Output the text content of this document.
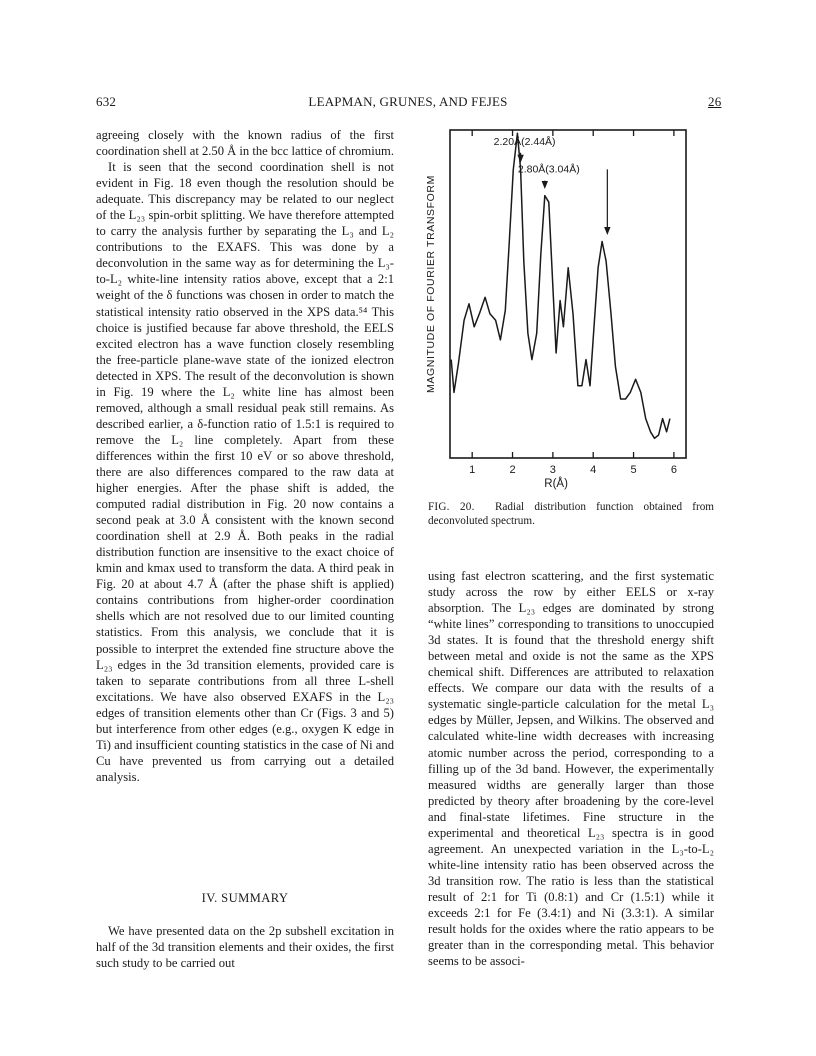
632	LEAPMAN, GRUNES, AND FEJES	26

agreeing closely with the known radius of the first coordination shell at 2.50 Å in the bcc lattice of chromium.

It is seen that the second coordination shell is not evident in Fig. 18 even though the resolution should be adequate. This discrepancy may be related to our neglect of the L₂₃ spin-orbit splitting. We have therefore attempted to carry the analysis further by separating the L₃ and L₂ contributions to the EXAFS. This was done by a deconvolution in the same way as for determining the L₃-to-L₂ white-line intensity ratios above, except that a 2:1 weight of the δ functions was chosen in order to match the statistical intensity ratio observed in the XPS data.⁵⁴ This choice is justified because far above threshold, the EELS excited electron has a wave function closely resembling the free-particle plane-wave state of the ionized electron detected in XPS. The result of the deconvolution is shown in Fig. 19 where the L₂ white line has almost been removed, although a small residual peak still remains. As described earlier, a δ-function ratio of 1.5:1 is required to remove the L₂ line completely. Apart from these differences within the first 10 eV or so above threshold, there are also differences compared to the raw data at higher energies. After the phase shift is added, the computed radial distribution in Fig. 20 now contains a second peak at 3.0 Å consistent with the known second coordination shell at 2.9 Å. Both peaks in the radial distribution function are insensitive to the exact choice of kmin and kmax used to transform the data. A third peak in Fig. 20 at about 4.7 Å (after the phase shift is applied) contains contributions from higher-order coordination shells which are not resolved due to our limited counting statistics. From this analysis, we conclude that it is possible to interpret the extended fine structure above the L₂₃ edges in the 3d transition elements, provided care is taken to separate contributions from all three L-shell excitations. We have also observed EXAFS in the L₂₃ edges of transition elements other than Cr (Figs. 3 and 5) but interference from other edges (e.g., oxygen K edge in Ti) and insufficient counting statistics in the case of Ni and Cu have prevented us from carrying out a detailed analysis.

IV. SUMMARY

We have presented data on the 2p subshell excitation in half of the 3d transition elements and their oxides, the first such study to be carried out

1	2	3	4	5	6
2.20Å(2.44Å)
2.80Å(3.04Å)
MAGNITUDE OF FOURIER TRANSFORM
R(Å)
FIG. 20. Radial distribution function obtained from deconvoluted spectrum.

using fast electron scattering, and the first systematic study across the row by either EELS or x-ray absorption. The L₂₃ edges are dominated by strong “white lines” corresponding to transitions to unoccupied 3d states. It is found that the threshold energy shift between metal and oxide is not the same as the XPS chemical shift. Differences are attributed to relaxation effects. We compare our data with the results of a systematic single-particle calculation for the metal L₃ edges by Müller, Jepsen, and Wilkins. The observed and calculated white-line width decreases with increasing atomic number across the period, corresponding to a filling up of the 3d band. However, the experimentally measured widths are generally larger than those predicted by theory after broadening by the core-level and final-state lifetimes. Fine structure in the experimental and theoretical L₂₃ spectra is in good agreement. An unexpected variation in the L₃-to-L₂ white-line intensity ratio has been observed across the 3d transition row. The ratio is less than the statistical result of 2:1 for Ti (0.8:1) and Cr (1.5:1) while it exceeds 2:1 for Fe (3.4:1) and Ni (3.3:1). A similar result holds for the oxides where the ratio appears to be greater than in the corresponding metal. This behavior seems to be associ-
